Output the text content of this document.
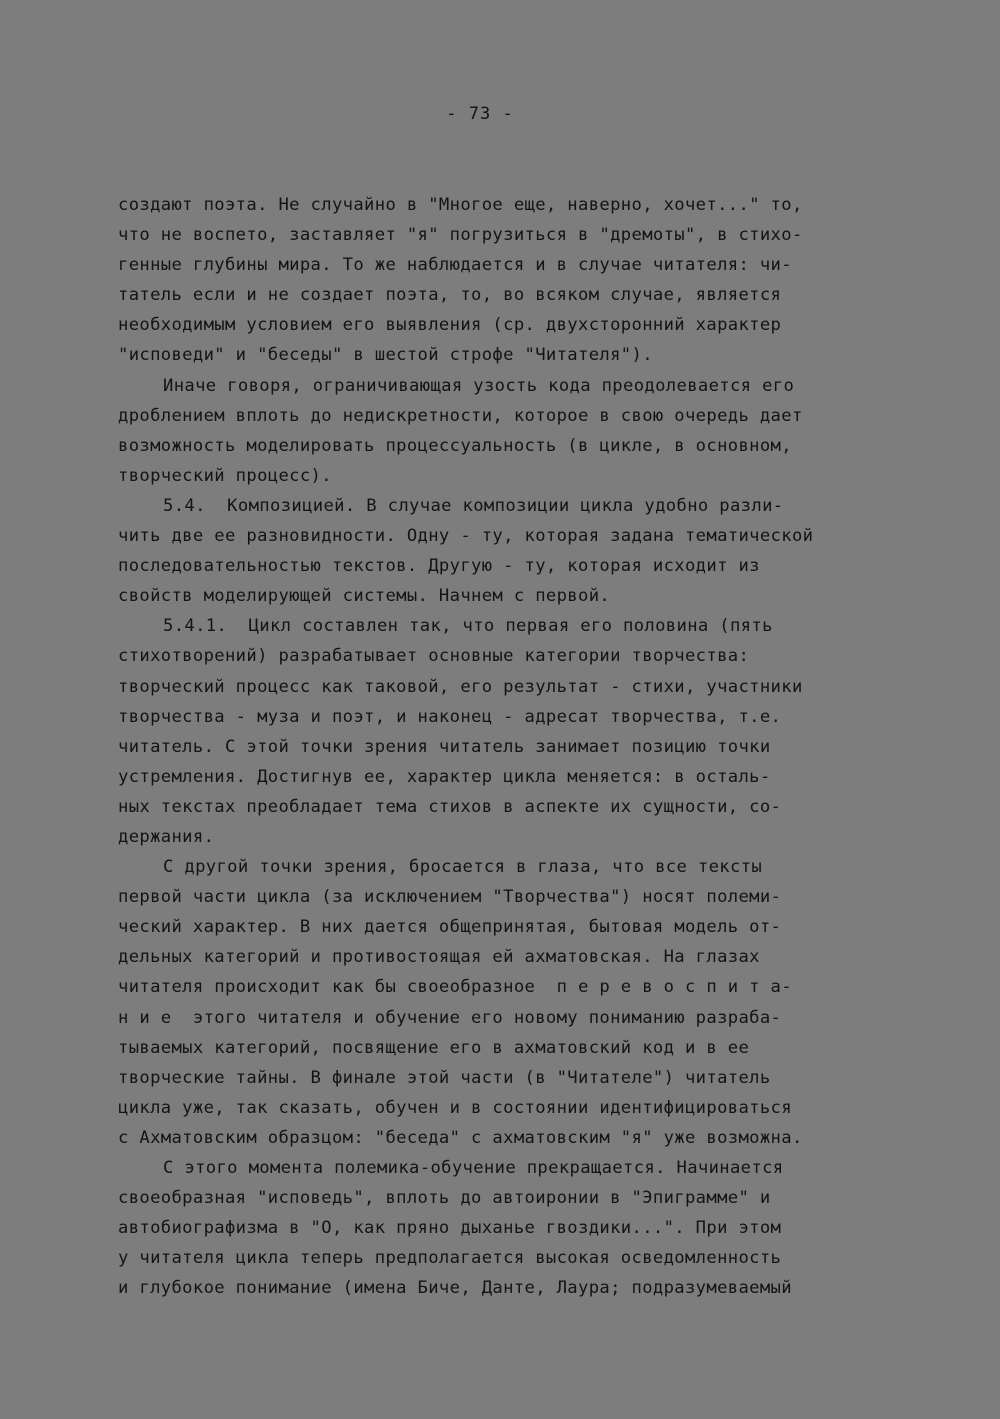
- 73 -
создают поэта. Не случайно в "Многое еще, наверно, хочет..." то,
что не воспето, заставляет "я" погрузиться в "дремоты", в стихо-
генные глубины мира. То же наблюдается и в случае читателя: чи-
татель если и не создает поэта, то, во всяком случае, является
необходимым условием его выявления (ср. двухсторонний характер
"исповеди" и "беседы" в шестой строфе "Читателя").
Иначе говоря, ограничивающая узость кода преодолевается его
дроблением вплоть до недискретности, которое в свою очередь дает
возможность моделировать процессуальность (в цикле, в основном,
творческий процесс).
5.4.  Композицией. В случае композиции цикла удобно разли-
чить две ее разновидности. Одну - ту, которая задана тематической
последовательностью текстов. Другую - ту, которая исходит из
свойств моделирующей системы. Начнем с первой.
5.4.1.  Цикл составлен так, что первая его половина (пять
стихотворений) разрабатывает основные категории творчества:
творческий процесс как таковой, его результат - стихи, участники
творчества - муза и поэт, и наконец - адресат творчества, т.е.
читатель. С этой точки зрения читатель занимает позицию точки
устремления. Достигнув ее, характер цикла меняется: в осталь-
ных текстах преобладает тема стихов в аспекте их сущности, со-
держания.
С другой точки зрения, бросается в глаза, что все тексты
первой части цикла (за исключением "Творчества") носят полеми-
ческий характер. В них дается общепринятая, бытовая модель от-
дельных категорий и противостоящая ей ахматовская. На глазах
читателя происходит как бы своеобразное  п е р е в о с п и т а-
н и е  этого читателя и обучение его новому пониманию разраба-
тываемых категорий, посвящение его в ахматовский код и в ее
творческие тайны. В финале этой части (в "Читателе") читатель
цикла уже, так сказать, обучен и в состоянии идентифицироваться
с Ахматовским образцом: "беседа" с ахматовским "я" уже возможна.
С этого момента полемика-обучение прекращается. Начинается
своеобразная "исповедь", вплоть до автоиронии в "Эпиграмме" и
автобиографизма в "О, как пряно дыханье гвоздики...". При этом
у читателя цикла теперь предполагается высокая осведомленность
и глубокое понимание (имена Биче, Данте, Лаура; подразумеваемый
